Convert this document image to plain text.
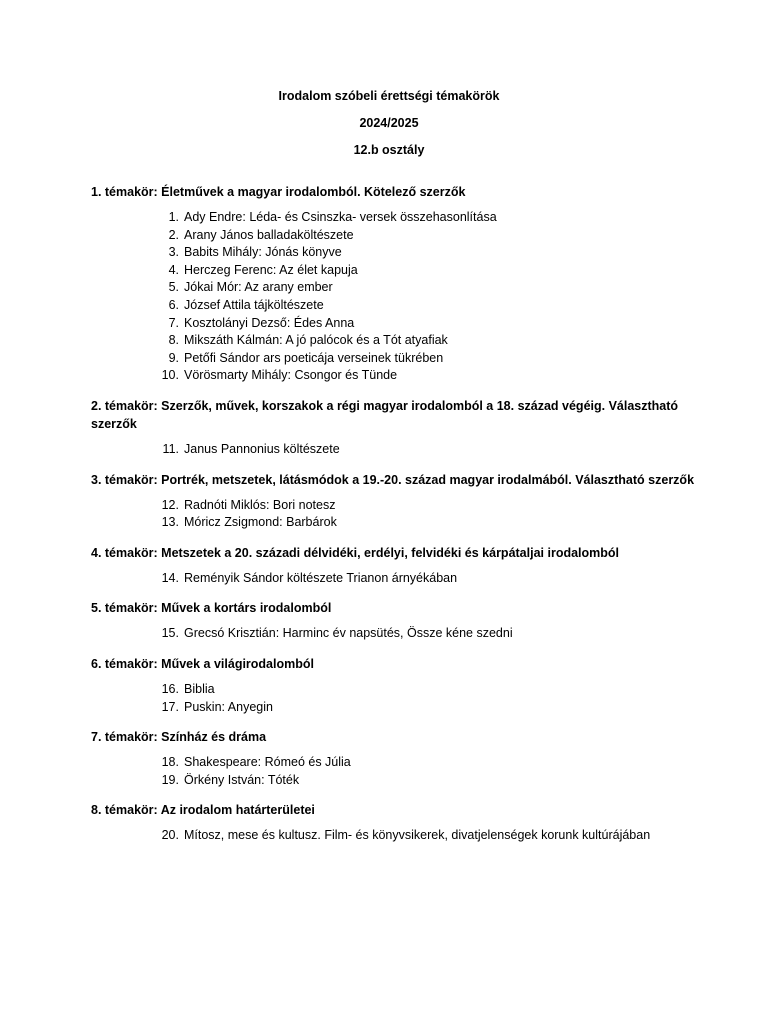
Irodalom szóbeli érettségi témakörök
2024/2025
12.b osztály

1. témakör: Életművek a magyar irodalomból. Kötelező szerzők

1. Ady Endre: Léda- és Csinszka- versek összehasonlítása
2. Arany János balladaköltészete
3. Babits Mihály: Jónás könyve
4. Herczeg Ferenc: Az élet kapuja
5. Jókai Mór: Az arany ember
6. József Attila tájköltészete
7. Kosztolányi Dezső: Édes Anna
8. Mikszáth Kálmán: A jó palócok és a Tót atyafiak
9. Petőfi Sándor ars poeticája verseinek tükrében
10. Vörösmarty Mihály: Csongor és Tünde

2. témakör: Szerzők, művek, korszakok a régi magyar irodalomból a 18. század végéig. Választható szerzők

11. Janus Pannonius költészete

3. témakör: Portrék, metszetek, látásmódok a 19.-20. század magyar irodalmából. Választható szerzők

12. Radnóti Miklós: Bori notesz
13. Móricz Zsigmond: Barbárok

4. témakör: Metszetek a 20. századi délvidéki, erdélyi, felvidéki és kárpátaljai irodalomból

14. Reményik Sándor költészete Trianon árnyékában

5. témakör: Művek a kortárs irodalomból

15. Grecsó Krisztián: Harminc év napsütés, Össze kéne szedni

6. témakör: Művek a világirodalomból

16. Biblia
17. Puskin: Anyegin

7. témakör: Színház és dráma

18. Shakespeare: Rómeó és Júlia
19. Örkény István: Tóték

8. témakör: Az irodalom határterületei

20. Mítosz, mese és kultusz. Film- és könyvsikerek, divatjelenségek korunk kultúrájában
